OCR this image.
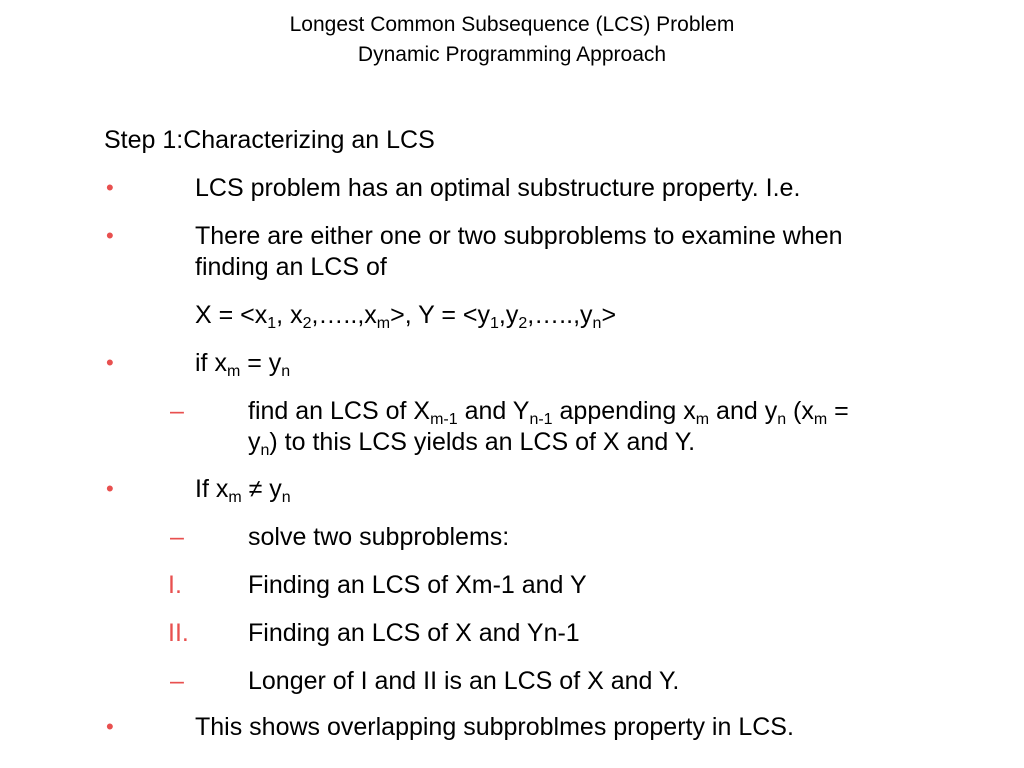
Longest Common Subsequence (LCS) Problem
Dynamic Programming Approach
Step 1:Characterizing an LCS
•	LCS problem has an optimal substructure property. I.e.
•	There are either one or two subproblems to examine when
finding an LCS of
$X = <x_1$, $x_2,\dots..,x_m>$, $Y = <y_1,y_2,\dots..,y_n>$
•	if $x_m = y_n$
–	find an LCS of $X_{m-1}$ and $Y_{n-1}$ appending $x_m$ and $y_n$ ($x_m$ =
$y_n$) to this LCS yields an LCS of X and Y.
•	If $x_m \ne y_n$
–	solve two subproblems:
I.	Finding an LCS of Xm-1 and Y
II. Finding an LCS of X and Yn-1
–	Longer of I and II is an LCS of X and Y.
•	This shows overlapping subproblmes property in LCS.
